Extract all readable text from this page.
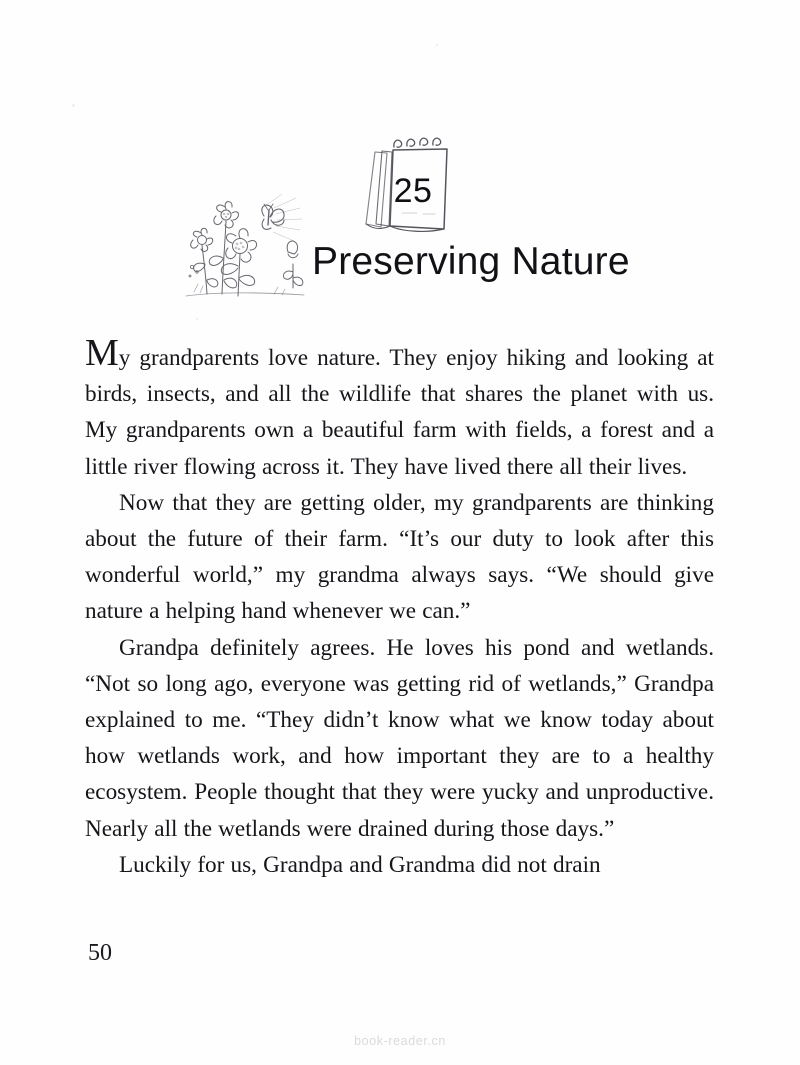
25
Preserving Nature

My grandparents love nature. They enjoy hiking and looking at birds, insects, and all the wildlife that shares the planet with us. My grandparents own a beautiful farm with fields, a forest and a little river flowing across it. They have lived there all their lives.

Now that they are getting older, my grandparents are thinking about the future of their farm. “It’s our duty to look after this wonderful world,” my grandma always says. “We should give nature a helping hand whenever we can.”

Grandpa definitely agrees. He loves his pond and wetlands. “Not so long ago, everyone was getting rid of wetlands,” Grandpa explained to me. “They didn’t know what we know today about how wetlands work, and how important they are to a healthy ecosystem. People thought that they were yucky and unproductive. Nearly all the wetlands were drained during those days.”

Luckily for us, Grandpa and Grandma did not drain

50
book-reader.cn
